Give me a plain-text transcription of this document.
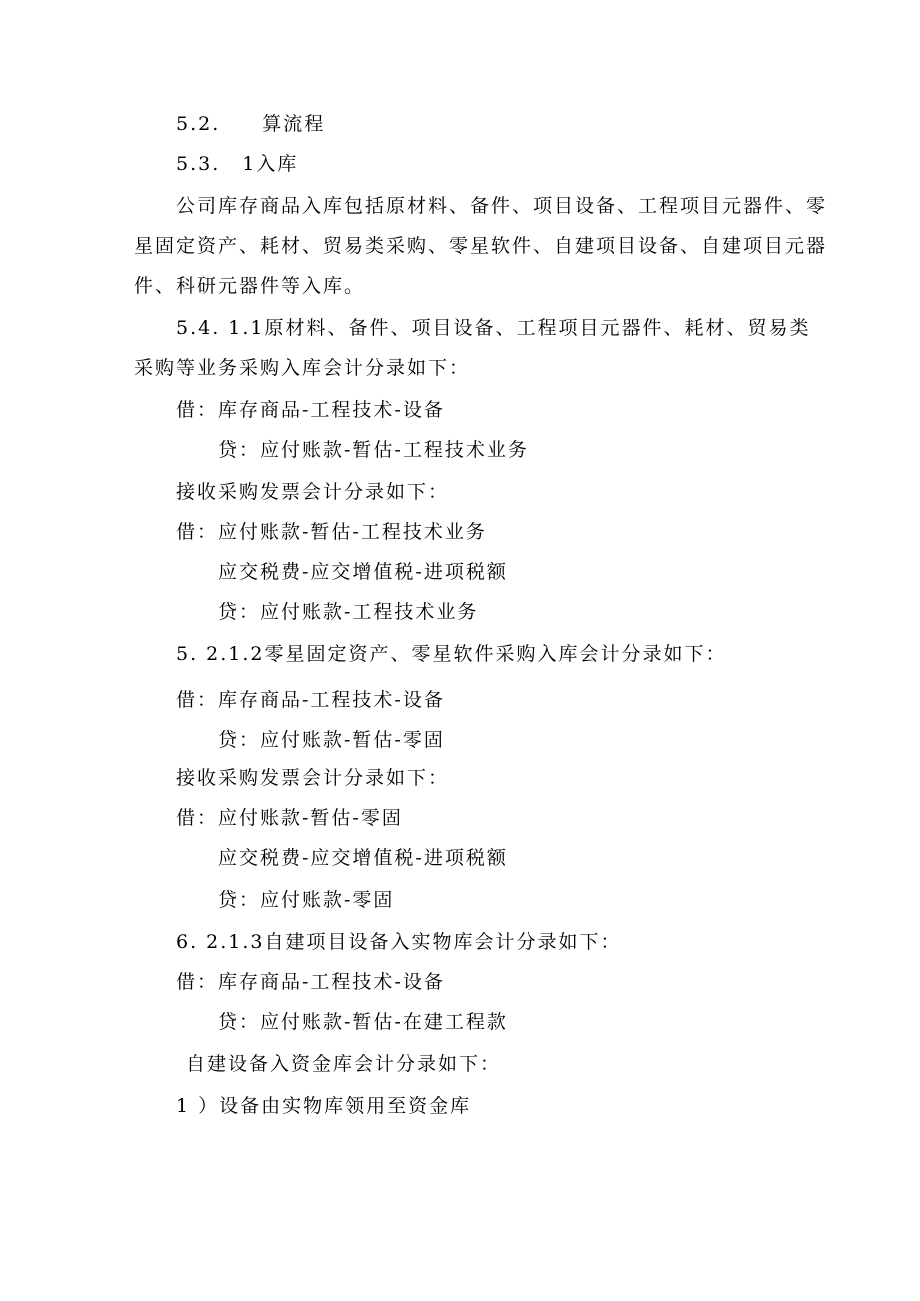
5.2. 算流程
5.3. 1入库
公司库存商品入库包括原材料、备件、项目设备、工程项目元器件、零
星固定资产、耗材、贸易类采购、零星软件、自建项目设备、自建项目元器
件、科研元器件等入库。
5.4. 1.1原材料、备件、项目设备、工程项目元器件、耗材、贸易类
采购等业务采购入库会计分录如下：
借：库存商品-工程技术-设备
贷：应付账款-暂估-工程技术业务
接收采购发票会计分录如下：
借：应付账款-暂估-工程技术业务
应交税费-应交增值税-进项税额
贷：应付账款-工程技术业务
5. 2.1.2零星固定资产、零星软件采购入库会计分录如下：
借：库存商品-工程技术-设备
贷：应付账款-暂估-零固
接收采购发票会计分录如下：
借：应付账款-暂估-零固
应交税费-应交增值税-进项税额
贷：应付账款-零固
6. 2.1.3自建项目设备入实物库会计分录如下：
借：库存商品-工程技术-设备
贷：应付账款-暂估-在建工程款
自建设备入资金库会计分录如下：
1 ）设备由实物库领用至资金库
